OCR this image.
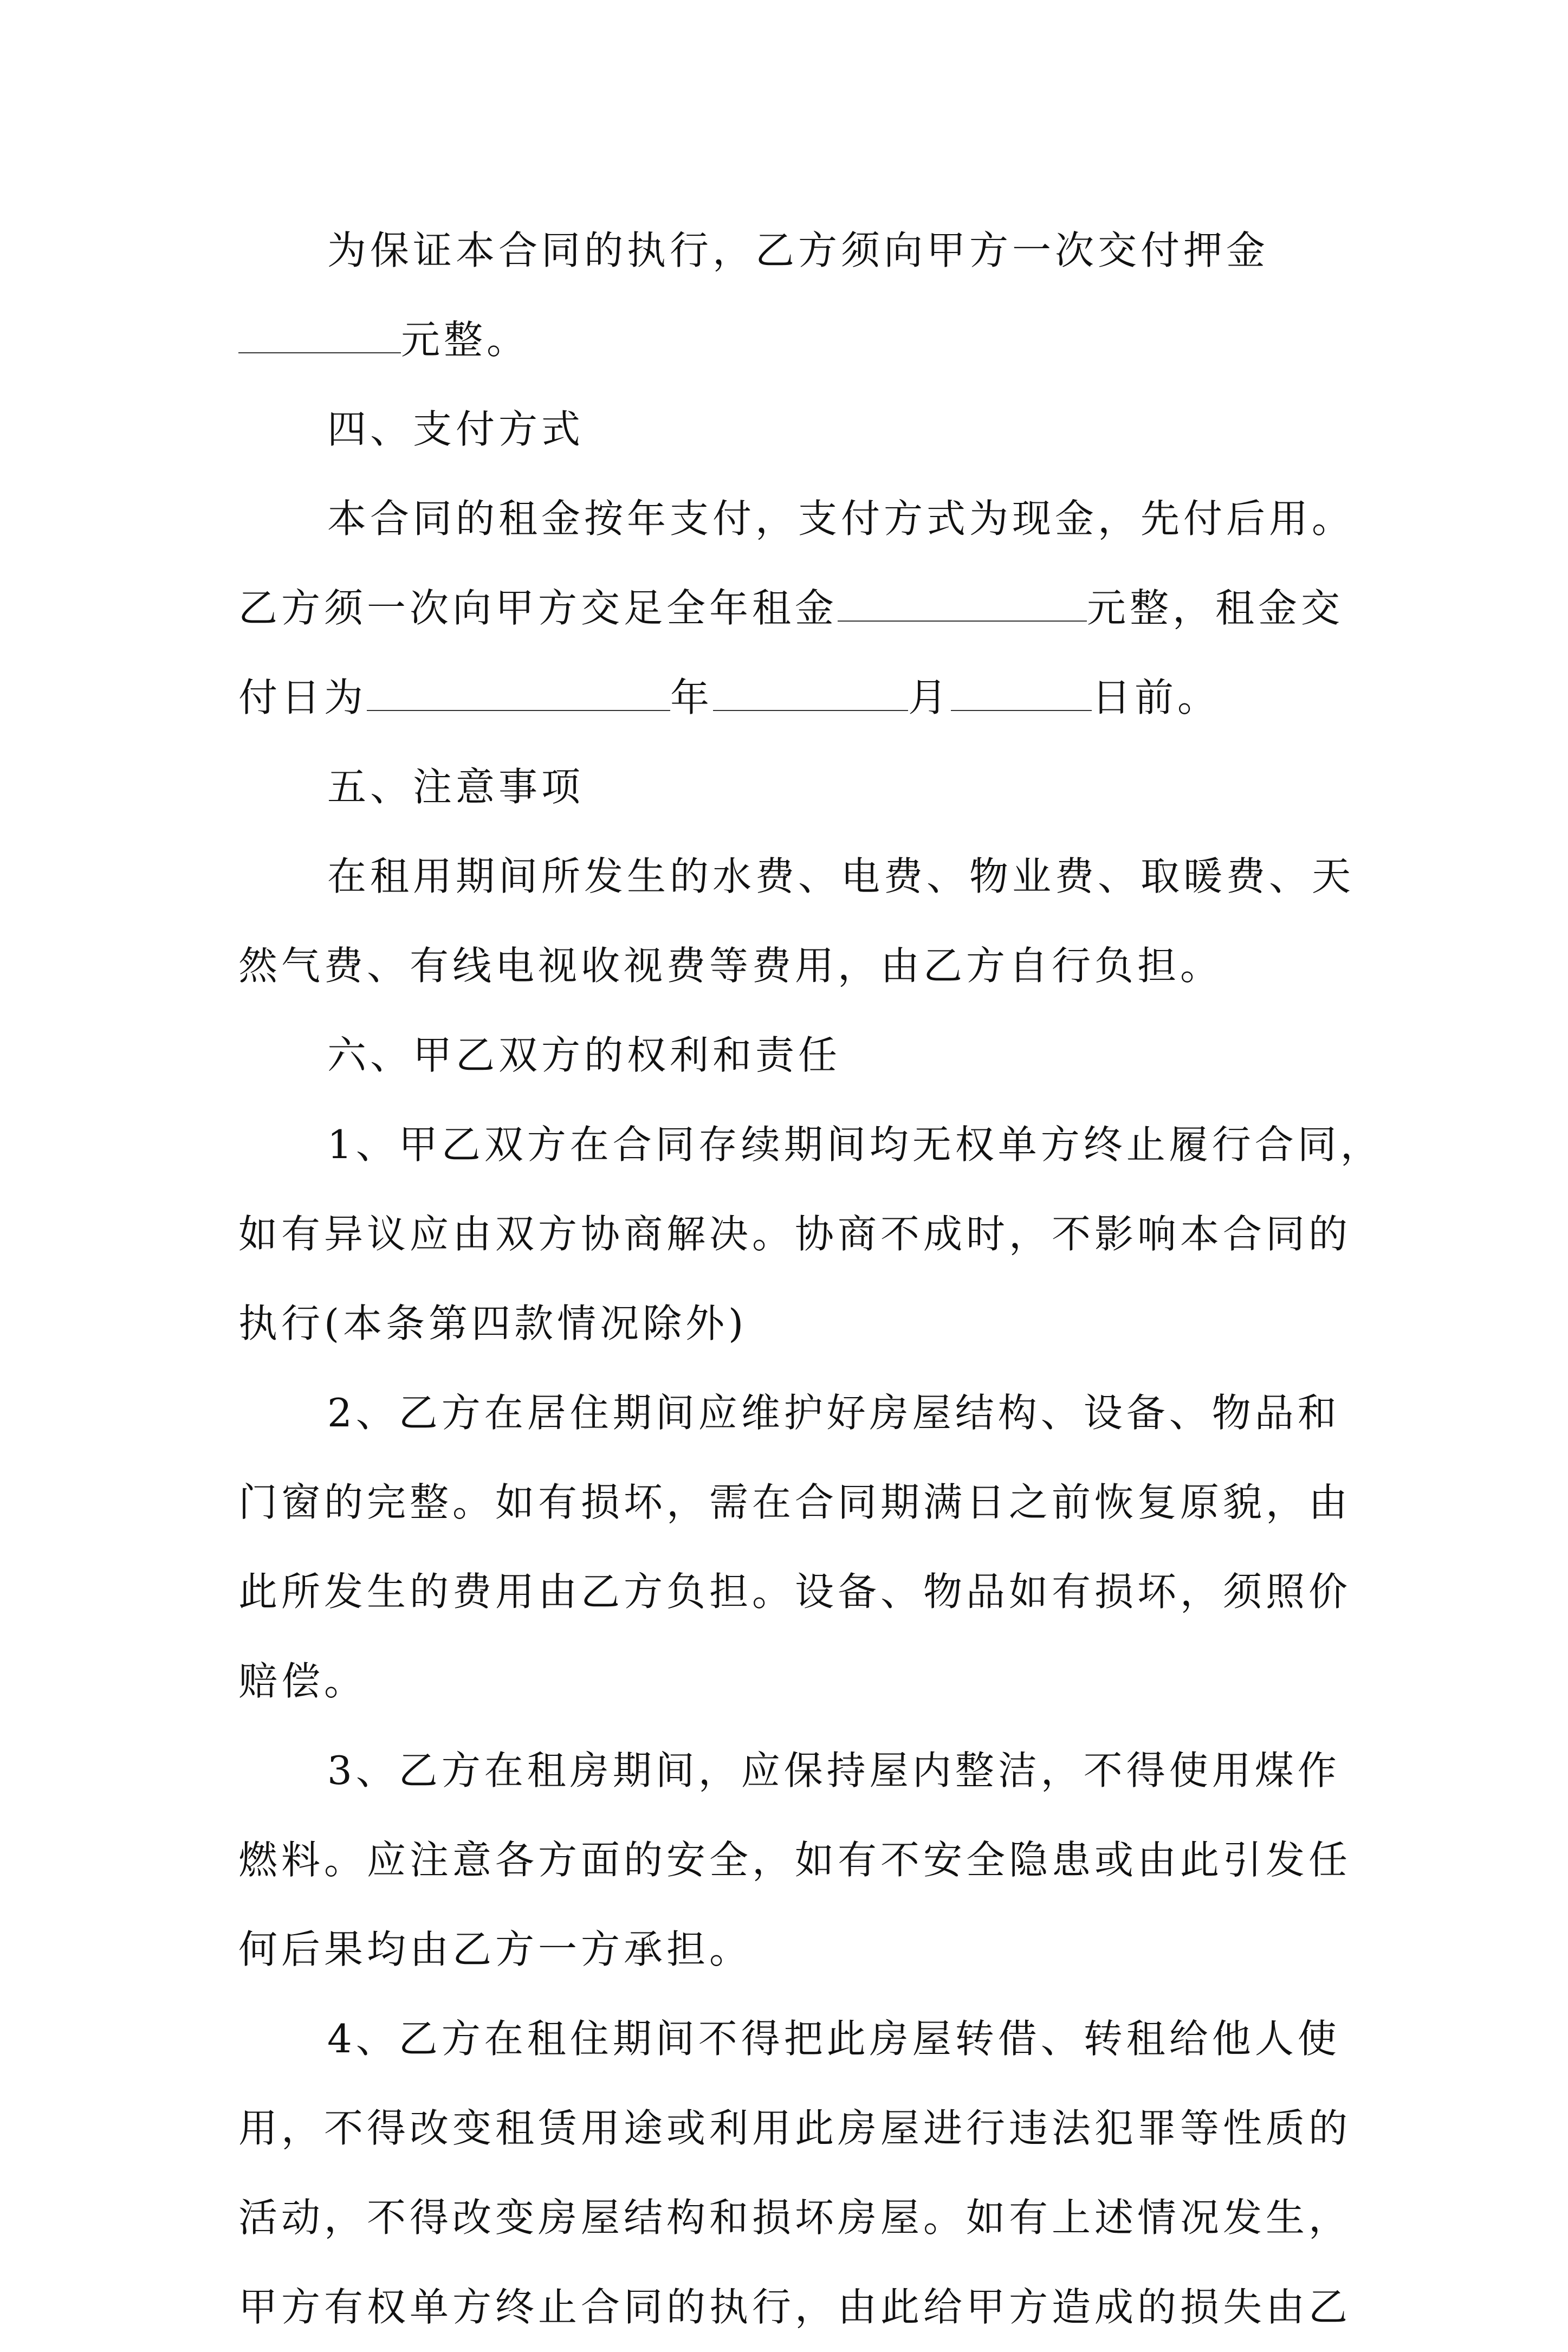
为保证本合同的执行，乙方须向甲方一次交付押金
元整。
四、支付方式
本合同的租金按年支付，支付方式为现金，先付后用。
乙方须一次向甲方交足全年租金	元整，租金交
付日为	年	月	日前。
五、注意事项
在租用期间所发生的水费、电费、物业费、取暖费、天
然气费、有线电视收视费等费用，由乙方自行负担。
六、甲乙双方的权利和责任
1、甲乙双方在合同存续期间均无权单方终止履行合同，
如有异议应由双方协商解决。协商不成时，不影响本合同的
执行(本条第四款情况除外)
2、乙方在居住期间应维护好房屋结构、设备、物品和
门窗的完整。如有损坏，需在合同期满日之前恢复原貌，由
此所发生的费用由乙方负担。设备、物品如有损坏，须照价
赔偿。
3、乙方在租房期间，应保持屋内整洁，不得使用煤作
燃料。应注意各方面的安全，如有不安全隐患或由此引发任
何后果均由乙方一方承担。
4、乙方在租住期间不得把此房屋转借、转租给他人使
用，不得改变租赁用途或利用此房屋进行违法犯罪等性质的
活动，不得改变房屋结构和损坏房屋。如有上述情况发生，
甲方有权单方终止合同的执行，由此给甲方造成的损失由乙
